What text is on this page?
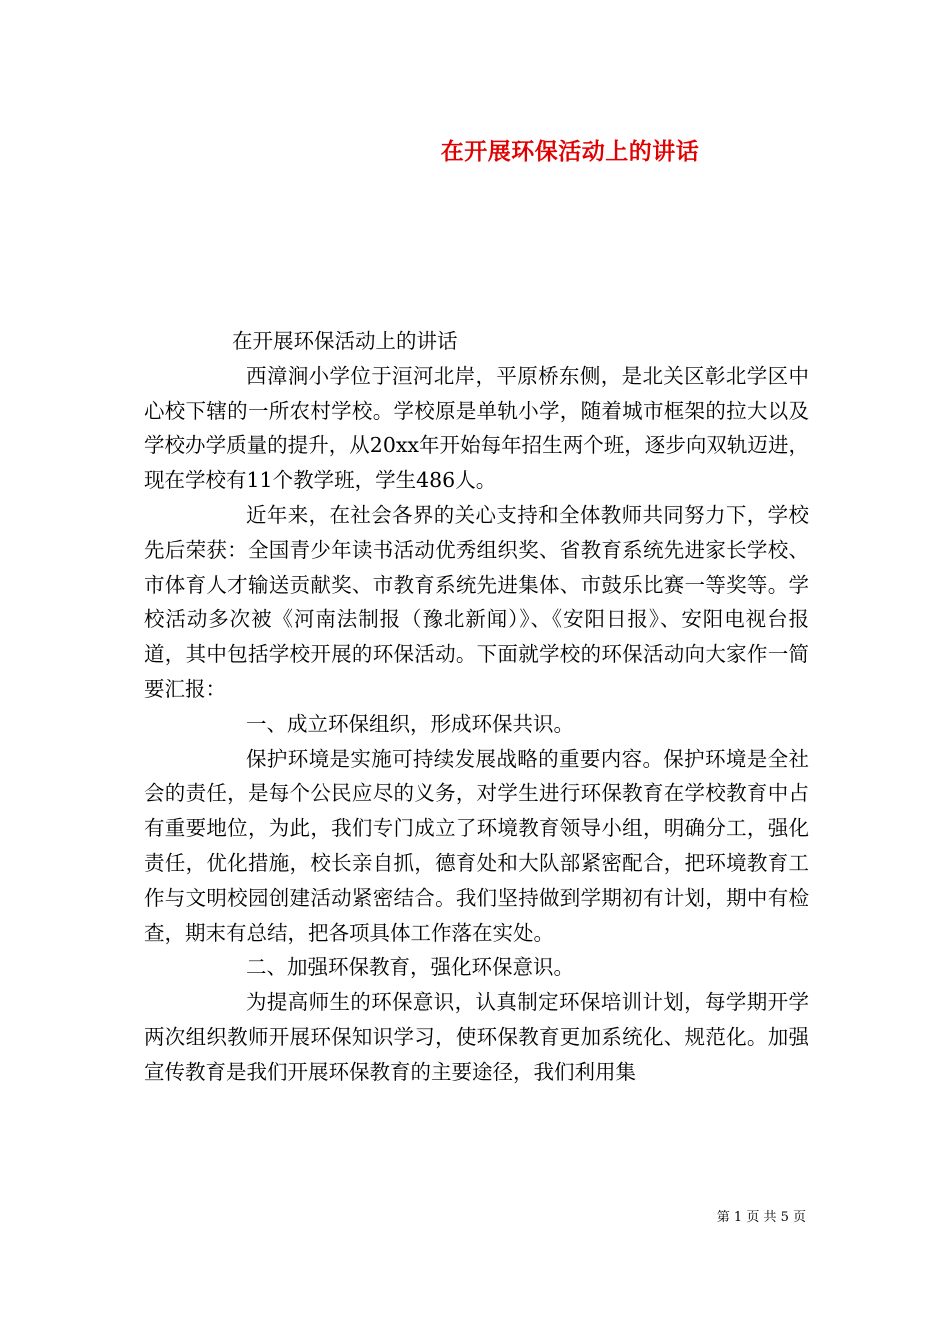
在开展环保活动上的讲话

在开展环保活动上的讲话

西漳涧小学位于洹河北岸，平原桥东侧，是北关区彰北学区中心校下辖的一所农村学校。学校原是单轨小学，随着城市框架的拉大以及学校办学质量的提升，从20xx年开始每年招生两个班，逐步向双轨迈进，现在学校有11个教学班，学生486人。

近年来，在社会各界的关心支持和全体教师共同努力下，学校先后荣获：全国青少年读书活动优秀组织奖、省教育系统先进家长学校、市体育人才输送贡献奖、市教育系统先进集体、市鼓乐比赛一等奖等。学校活动多次被《河南法制报（豫北新闻）》、《安阳日报》、安阳电视台报道，其中包括学校开展的环保活动。下面就学校的环保活动向大家作一简要汇报：

一、成立环保组织，形成环保共识。

保护环境是实施可持续发展战略的重要内容。保护环境是全社会的责任，是每个公民应尽的义务，对学生进行环保教育在学校教育中占有重要地位，为此，我们专门成立了环境教育领导小组，明确分工，强化责任，优化措施，校长亲自抓，德育处和大队部紧密配合，把环境教育工作与文明校园创建活动紧密结合。我们坚持做到学期初有计划，期中有检查，期末有总结，把各项具体工作落在实处。

二、加强环保教育，强化环保意识。

为提高师生的环保意识，认真制定环保培训计划，每学期开学两次组织教师开展环保知识学习，使环保教育更加系统化、规范化。加强宣传教育是我们开展环保教育的主要途径，我们利用集

第 1 页 共 5 页
